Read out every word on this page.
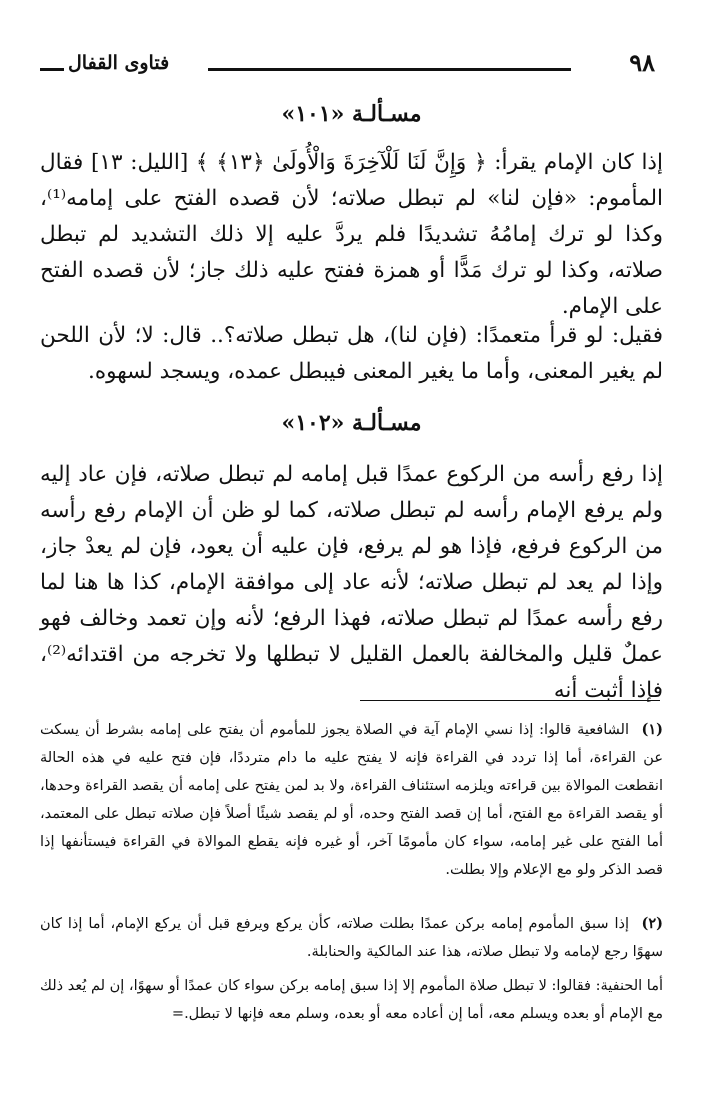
فتاوى القفال	٩٨
مسـألـة «١٠١»

إذا كان الإمام يقرأ: ﴿ وَإِنَّ لَنَا لَلْآخِرَةَ وَالْأُولَىٰ ﴿١٣﴾ ﴾ [الليل: ١٣] فقال المأموم: «فإن لنا» لم تبطل صلاته؛ لأن قصده الفتح على إمامه⁽¹⁾، وكذا لو ترك إمامُهُ تشديدًا فلم يردَّ عليه إلا ذلك التشديد لم تبطل صلاته، وكذا لو ترك مَدًّا أو همزة ففتح عليه ذلك جاز؛ لأن قصده الفتح على الإمام.

فقيل: لو قرأ متعمدًا: (فإن لنا)، هل تبطل صلاته؟.. قال: لا؛ لأن اللحن لم يغير المعنى، وأما ما يغير المعنى فيبطل عمده، ويسجد لسهوه.

مسـألـة «١٠٢»

إذا رفع رأسه من الركوع عمدًا قبل إمامه لم تبطل صلاته، فإن عاد إليه ولم يرفع الإمام رأسه لم تبطل صلاته، كما لو ظن أن الإمام رفع رأسه من الركوع فرفع، فإذا هو لم يرفع، فإن عليه أن يعود، فإن لم يعدْ جاز، وإذا لم يعد لم تبطل صلاته؛ لأنه عاد إلى موافقة الإمام، كذا ها هنا لما رفع رأسه عمدًا لم تبطل صلاته، فهذا الرفع؛ لأنه وإن تعمد وخالف فهو عملٌ قليل والمخالفة بالعمل القليل لا تبطلها ولا تخرجه من اقتدائه⁽²⁾، فإذا أثبت أنه

(١)الشافعية قالوا: إذا نسي الإمام آية في الصلاة يجوز للمأموم أن يفتح على إمامه بشرط أن يسكت عن القراءة، أما إذا تردد في القراءة فإنه لا يفتح عليه ما دام مترددًا، فإن فتح عليه في هذه الحالة انقطعت الموالاة بين قراءته ويلزمه استئناف القراءة، ولا بد لمن يفتح على إمامه أن يقصد القراءة وحدها، أو يقصد القراءة مع الفتح، أما إن قصد الفتح وحده، أو لم يقصد شيئًا أصلاً فإن صلاته تبطل على المعتمد، أما الفتح على غير إمامه، سواء كان مأمومًا آخر، أو غيره فإنه يقطع الموالاة في القراءة فيستأنفها إذا قصد الذكر ولو مع الإعلام وإلا بطلت.
(٢)إذا سبق المأموم إمامه بركن عمدًا بطلت صلاته، كأن يركع ويرفع قبل أن يركع الإمام، أما إذا كان سهوًا رجع لإمامه ولا تبطل صلاته، هذا عند المالكية والحنابلة.
أما الحنفية: فقالوا: لا تبطل صلاة المأموم إلا إذا سبق إمامه بركن سواء كان عمدًا أو سهوًا، إن لم يُعد ذلك مع الإمام أو بعده ويسلم معه، أما إن أعاده معه أو بعده، وسلم معه فإنها لا تبطل.=
